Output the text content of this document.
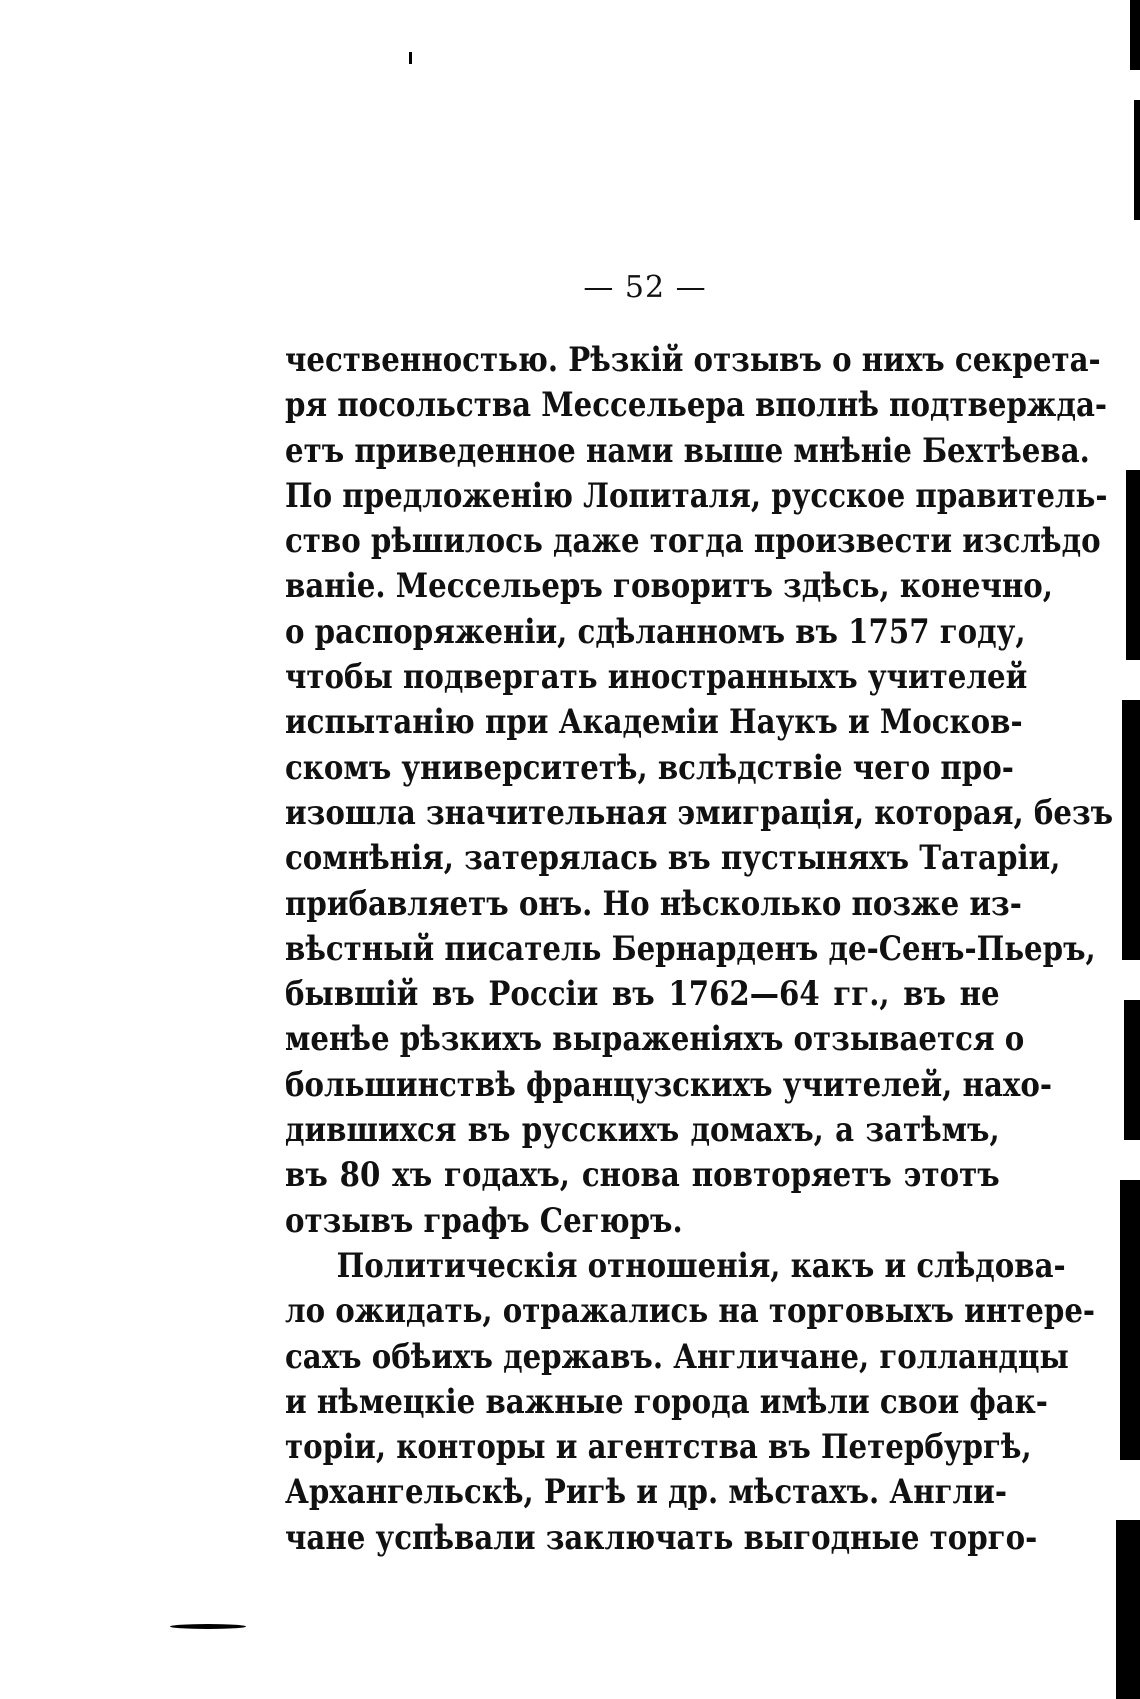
— 52 —
чественностью. Рѣзкій отзывъ о нихъ секрета-
ря посольства Мессельера вполнѣ подтвержда-
етъ приведенное нами выше мнѣніе Бехтѣева.
По предложенію Лопиталя, русское правитель-
ство рѣшилось даже тогда произвести изслѣдо
ваніе. Мессельеръ говоритъ здѣсь, конечно,
о распоряженіи, сдѣланномъ въ 1757 году,
чтобы подвергать иностранныхъ учителей
испытанію при Академіи Наукъ и Москов-
скомъ университетѣ, вслѣдствіе чего про-
изошла значительная эмиграція, которая, безъ
сомнѣнія, затерялась въ пустыняхъ Татаріи,
прибавляетъ онъ. Но нѣсколько позже из-
вѣстный писатель Бернарденъ де-Сенъ-Пьеръ,
бывшій въ Россіи въ 1762—64 гг., въ не
менѣе рѣзкихъ выраженіяхъ отзывается о
большинствѣ французскихъ учителей, нахо-
дившихся въ русскихъ домахъ, а затѣмъ,
въ 80 хъ годахъ, снова повторяетъ этотъ
отзывъ графъ Сегюръ.
Политическія отношенія, какъ и слѣдова-
ло ожидать, отражались на торговыхъ интере-
сахъ обѣихъ державъ. Англичане, голландцы
и нѣмецкіе важные города имѣли свои фак-
торіи, конторы и агентства въ Петербургѣ,
Архангельскѣ, Ригѣ и др. мѣстахъ. Англи-
чане успѣвали заключать выгодные торго-
